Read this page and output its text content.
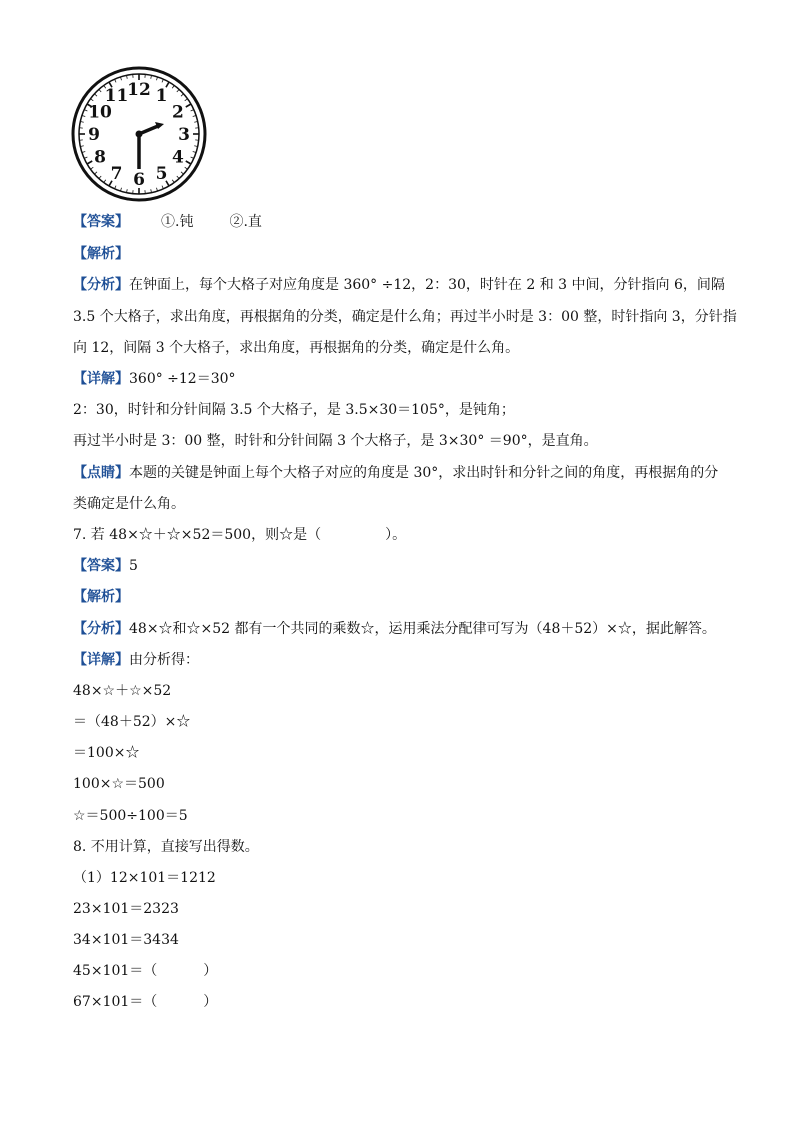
12 1
2
3
4
5
6
7
8
9
10
11
【答案】 ①.钝	②.直
【解析】
【分析】在钟面上，每个大格子对应角度是 360° ÷12，2：30，时针在 2 和 3 中间，分针指向 6，间隔
3.5 个大格子，求出角度，再根据角的分类，确定是什么角；再过半小时是 3：00 整，时针指向 3，分针指
向 12，间隔 3 个大格子，求出角度，再根据角的分类，确定是什么角。
【详解】360° ÷12＝30°
2：30，时针和分针间隔 3.5 个大格子，是 3.5×30＝105°，是钝角；
再过半小时是 3：00 整，时针和分针间隔 3 个大格子，是 3×30° ＝90°，是直角。
【点睛】本题的关键是钟面上每个大格子对应的角度是 30°，求出时针和分针之间的角度，再根据角的分
类确定是什么角。
7. 若 48×☆＋☆×52＝500，则☆是（	）。
【答案】5
【解析】
【分析】48×☆和☆×52 都有一个共同的乘数☆，运用乘法分配律可写为（48＋52）×☆，据此解答。
【详解】由分析得：
48×☆＋☆×52
＝（48＋52）×☆
＝100×☆
100×☆＝500
☆＝500÷100＝5
8. 不用计算，直接写出得数。
（1）12×101＝1212
23×101＝2323
34×101＝3434
45×101＝（	）
67×101＝（	）
